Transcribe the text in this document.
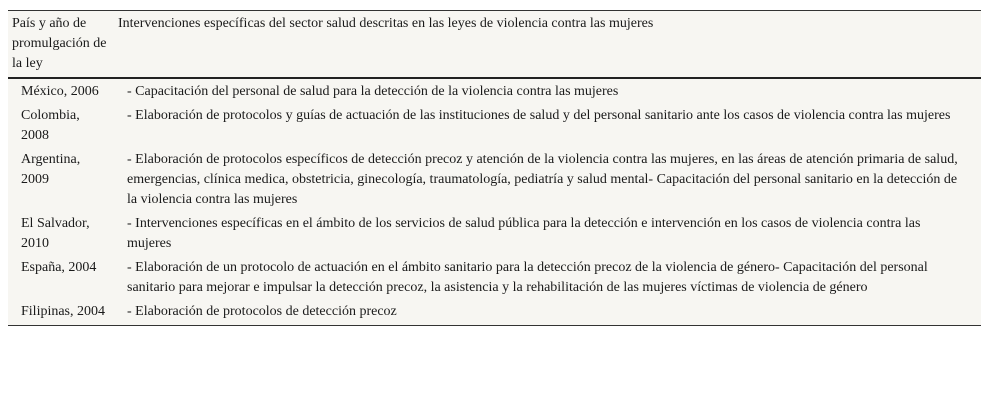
País y año de promulgación de la ley	Intervenciones específicas del sector salud descritas en las leyes de violencia contra las mujeres
México, 2006	- Capacitación del personal de salud para la detección de la violencia contra las mujeres
Colombia, 2008	- Elaboración de protocolos y guías de actuación de las instituciones de salud y del personal sanitario ante los casos de violencia contra las mujeres
Argentina, 2009	- Elaboración de protocolos específicos de detección precoz y atención de la violencia contra las mujeres, en las áreas de atención primaria de salud, emergencias, clínica medica, obstetricia, ginecología, traumatología, pediatría y salud mental- Capacitación del personal sanitario en la detección de la violencia contra las mujeres
El Salvador, 2010	- Intervenciones específicas en el ámbito de los servicios de salud pública para la detección e intervención en los casos de violencia contra las mujeres
España, 2004	- Elaboración de un protocolo de actuación en el ámbito sanitario para la detección precoz de la violencia de género- Capacitación del personal sanitario para mejorar e impulsar la detección precoz, la asistencia y la rehabilitación de las mujeres víctimas de violencia de género
Filipinas, 2004	- Elaboración de protocolos de detección precoz
